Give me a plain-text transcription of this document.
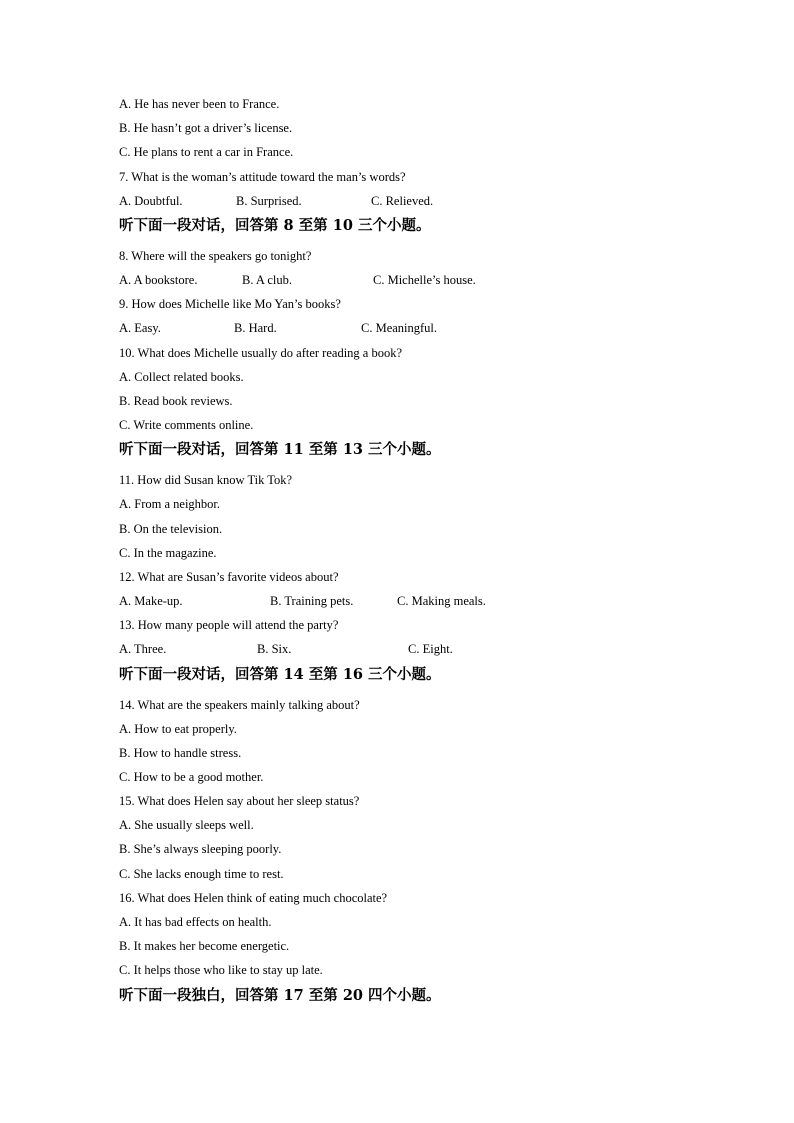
A. He has never been to France.
B. He hasn’t got a driver’s license.
C. He plans to rent a car in France.
7. What is the woman’s attitude toward the man’s words?
A. Doubtful.	B. Surprised.	C. Relieved.
听下面一段对话，回答第 8 至第 10 三个小题。
8. Where will the speakers go tonight?
A. A bookstore.	B. A club.	C. Michelle’s house.
9. How does Michelle like Mo Yan’s books?
A. Easy.	B. Hard.	C. Meaningful.
10. What does Michelle usually do after reading a book?
A. Collect related books.
B. Read book reviews.
C. Write comments online.
听下面一段对话，回答第 11 至第 13 三个小题。
11. How did Susan know Tik Tok?
A. From a neighbor.
B. On the television.
C. In the magazine.
12. What are Susan’s favorite videos about?
A. Make-up.	B. Training pets.	C. Making meals.
13. How many people will attend the party?
A. Three.	B. Six.	C. Eight.
听下面一段对话，回答第 14 至第 16 三个小题。
14. What are the speakers mainly talking about?
A. How to eat properly.
B. How to handle stress.
C. How to be a good mother.
15. What does Helen say about her sleep status?
A. She usually sleeps well.
B. She’s always sleeping poorly.
C. She lacks enough time to rest.
16. What does Helen think of eating much chocolate?
A. It has bad effects on health.
B. It makes her become energetic.
C. It helps those who like to stay up late.
听下面一段独白，回答第 17 至第 20 四个小题。
